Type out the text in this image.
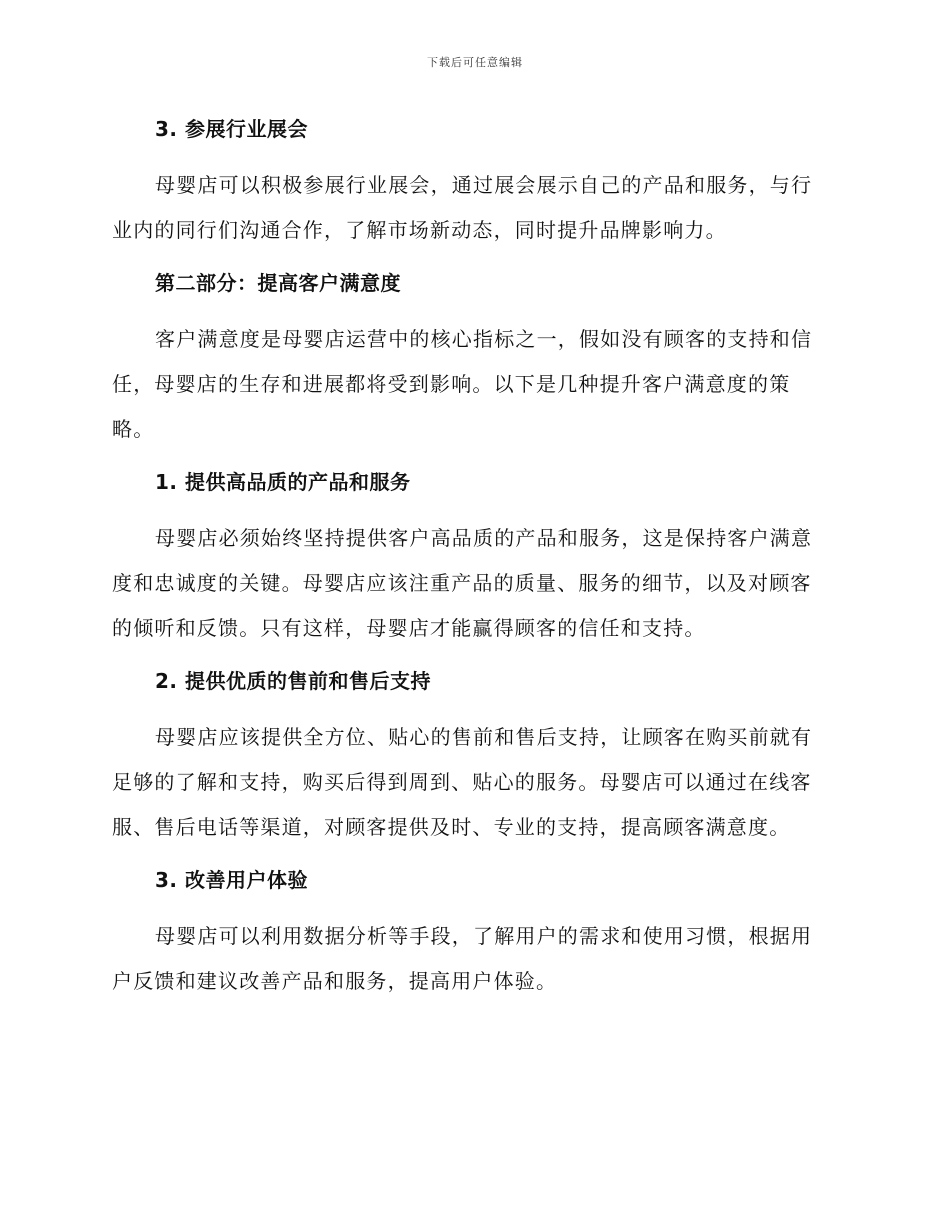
下载后可任意编辑
3. 参展行业展会

母婴店可以积极参展行业展会，通过展会展示自己的产品和服务，与行业内的同行们沟通合作，了解市场新动态，同时提升品牌影响力。

第二部分：提高客户满意度

客户满意度是母婴店运营中的核心指标之一，假如没有顾客的支持和信任，母婴店的生存和进展都将受到影响。以下是几种提升客户满意度的策略。

1. 提供高品质的产品和服务

母婴店必须始终坚持提供客户高品质的产品和服务，这是保持客户满意度和忠诚度的关键。母婴店应该注重产品的质量、服务的细节，以及对顾客的倾听和反馈。只有这样，母婴店才能赢得顾客的信任和支持。

2. 提供优质的售前和售后支持

母婴店应该提供全方位、贴心的售前和售后支持，让顾客在购买前就有足够的了解和支持，购买后得到周到、贴心的服务。母婴店可以通过在线客服、售后电话等渠道，对顾客提供及时、专业的支持，提高顾客满意度。

3. 改善用户体验

母婴店可以利用数据分析等手段，了解用户的需求和使用习惯，根据用户反馈和建议改善产品和服务，提高用户体验。
